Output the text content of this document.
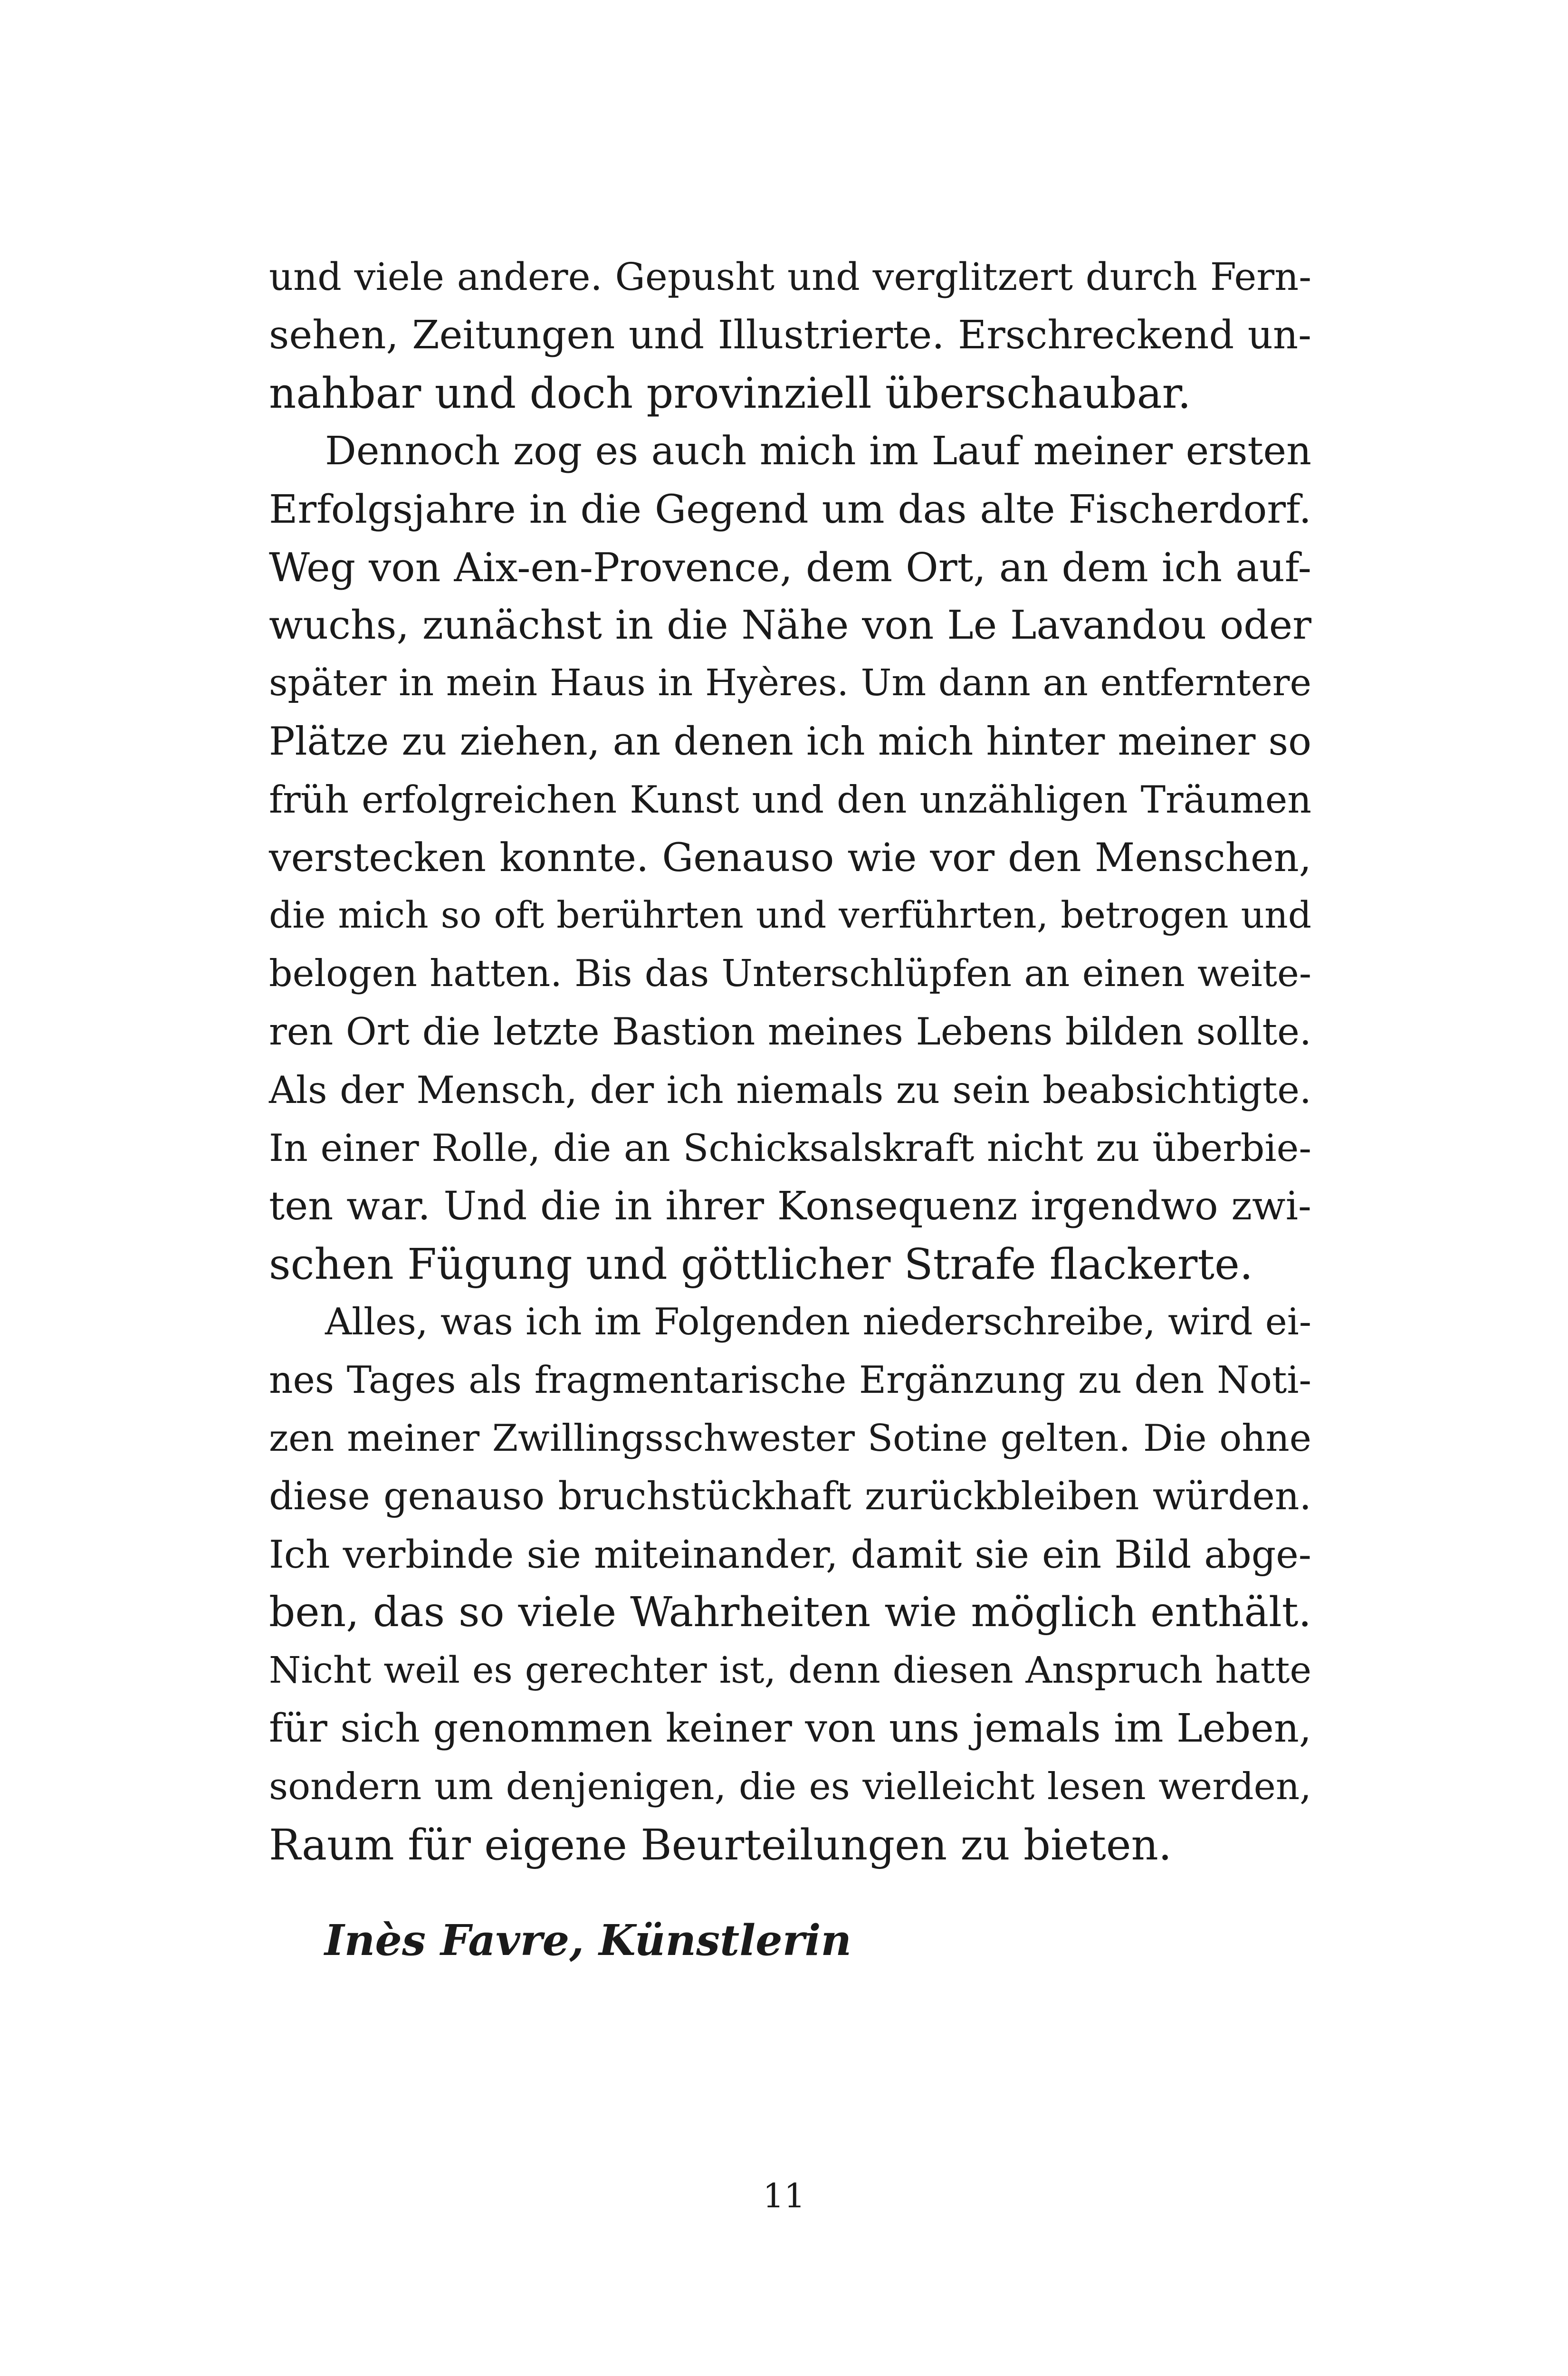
und viele andere. Gepusht und verglitzert durch Fern-
sehen, Zeitungen und Illustrierte. Erschreckend un-
nahbar und doch provinziell überschaubar.
Dennoch zog es auch mich im Lauf meiner ersten
Erfolgsjahre in die Gegend um das alte Fischerdorf.
Weg von Aix-en-Provence, dem Ort, an dem ich auf-
wuchs, zunächst in die Nähe von Le Lavandou oder
später in mein Haus in Hyères. Um dann an entferntere
Plätze zu ziehen, an denen ich mich hinter meiner so
früh erfolgreichen Kunst und den unzähligen Träumen
verstecken konnte. Genauso wie vor den Menschen,
die mich so oft berührten und verführten, betrogen und
belogen hatten. Bis das Unterschlüpfen an einen weite-
ren Ort die letzte Bastion meines Lebens bilden sollte.
Als der Mensch, der ich niemals zu sein beabsichtigte.
In einer Rolle, die an Schicksalskraft nicht zu überbie-
ten war. Und die in ihrer Konsequenz irgendwo zwi-
schen Fügung und göttlicher Strafe flackerte.
Alles, was ich im Folgenden niederschreibe, wird ei-
nes Tages als fragmentarische Ergänzung zu den Noti-
zen meiner Zwillingsschwester Sotine gelten. Die ohne
diese genauso bruchstückhaft zurückbleiben würden.
Ich verbinde sie miteinander, damit sie ein Bild abge-
ben, das so viele Wahrheiten wie möglich enthält.
Nicht weil es gerechter ist, denn diesen Anspruch hatte
für sich genommen keiner von uns jemals im Leben,
sondern um denjenigen, die es vielleicht lesen werden,
Raum für eigene Beurteilungen zu bieten.
Inès Favre, Künstlerin
11
